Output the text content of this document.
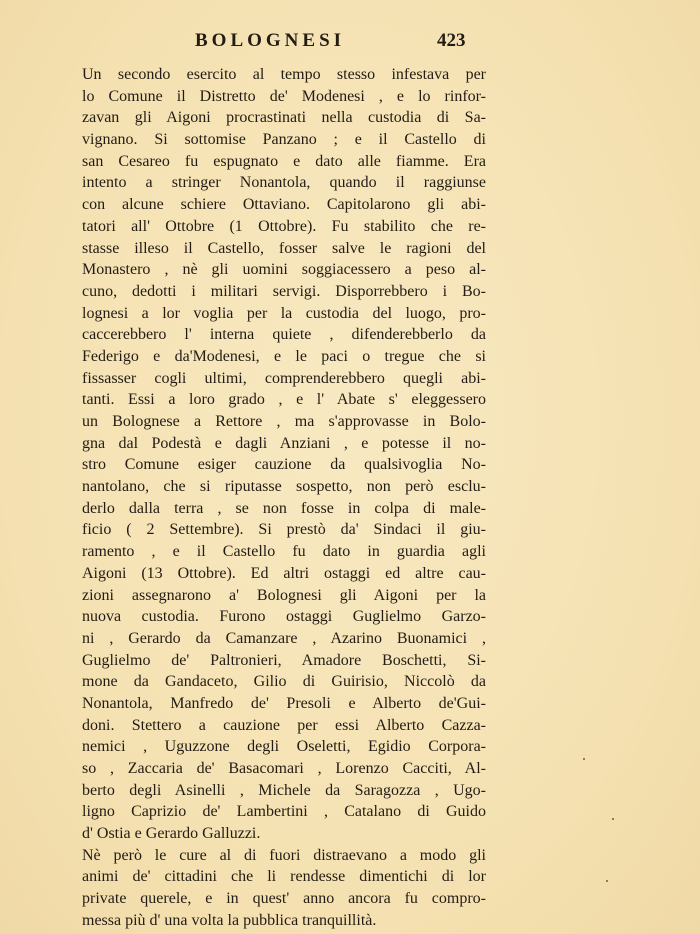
BOLOGNESI	423
Un secondo esercito al tempo stesso infestava per
lo Comune il Distretto de' Modenesi , e lo rinfor-
zavan gli Aigoni procrastinati nella custodia di Sa-
vignano. Si sottomise Panzano ; e il Castello di
san Cesareo fu espugnato e dato alle fiamme. Era
intento a stringer Nonantola, quando il raggiunse
con alcune schiere Ottaviano. Capitolarono gli abi-
tatori all' Ottobre (1 Ottobre). Fu stabilito che re-
stasse illeso il Castello, fosser salve le ragioni del
Monastero , nè gli uomini soggiacessero a peso al-
cuno, dedotti i militari servigi. Disporrebbero i Bo-
lognesi a lor voglia per la custodia del luogo, pro-
caccerebbero l' interna quiete , difenderebberlo da
Federigo e da'Modenesi, e le paci o tregue che si
fissasser cogli ultimi, comprenderebbero quegli abi-
tanti. Essi a loro grado , e l' Abate s' eleggessero
un Bolognese a Rettore , ma s'approvasse in Bolo-
gna dal Podestà e dagli Anziani , e potesse il no-
stro Comune esiger cauzione da qualsivoglia No-
nantolano, che si riputasse sospetto, non però esclu-
derlo dalla terra , se non fosse in colpa di male-
ficio ( 2 Settembre). Si prestò da' Sindaci il giu-
ramento , e il Castello fu dato in guardia agli
Aigoni (13 Ottobre). Ed altri ostaggi ed altre cau-
zioni assegnarono a' Bolognesi gli Aigoni per la
nuova custodia. Furono ostaggi Guglielmo Garzo-
ni , Gerardo da Camanzare , Azarino Buonamici ,
Guglielmo de' Paltronieri, Amadore Boschetti, Si-
mone da Gandaceto, Gilio di Guirisio, Niccolò da
Nonantola, Manfredo de' Presoli e Alberto de'Gui-
doni. Stettero a cauzione per essi Alberto Cazza-
nemici , Uguzzone degli Oseletti, Egidio Corpora-
so , Zaccaria de' Basacomari , Lorenzo Cacciti, Al-
berto degli Asinelli , Michele da Saragozza , Ugo-
ligno Caprizio de' Lambertini , Catalano di Guido
d' Ostia e Gerardo Galluzzi.
Nè però le cure al di fuori distraevano a modo gli
animi de' cittadini che li rendesse dimentichi di lor
private querele, e in quest' anno ancora fu compro-
messa più d' una volta la pubblica tranquillità.
